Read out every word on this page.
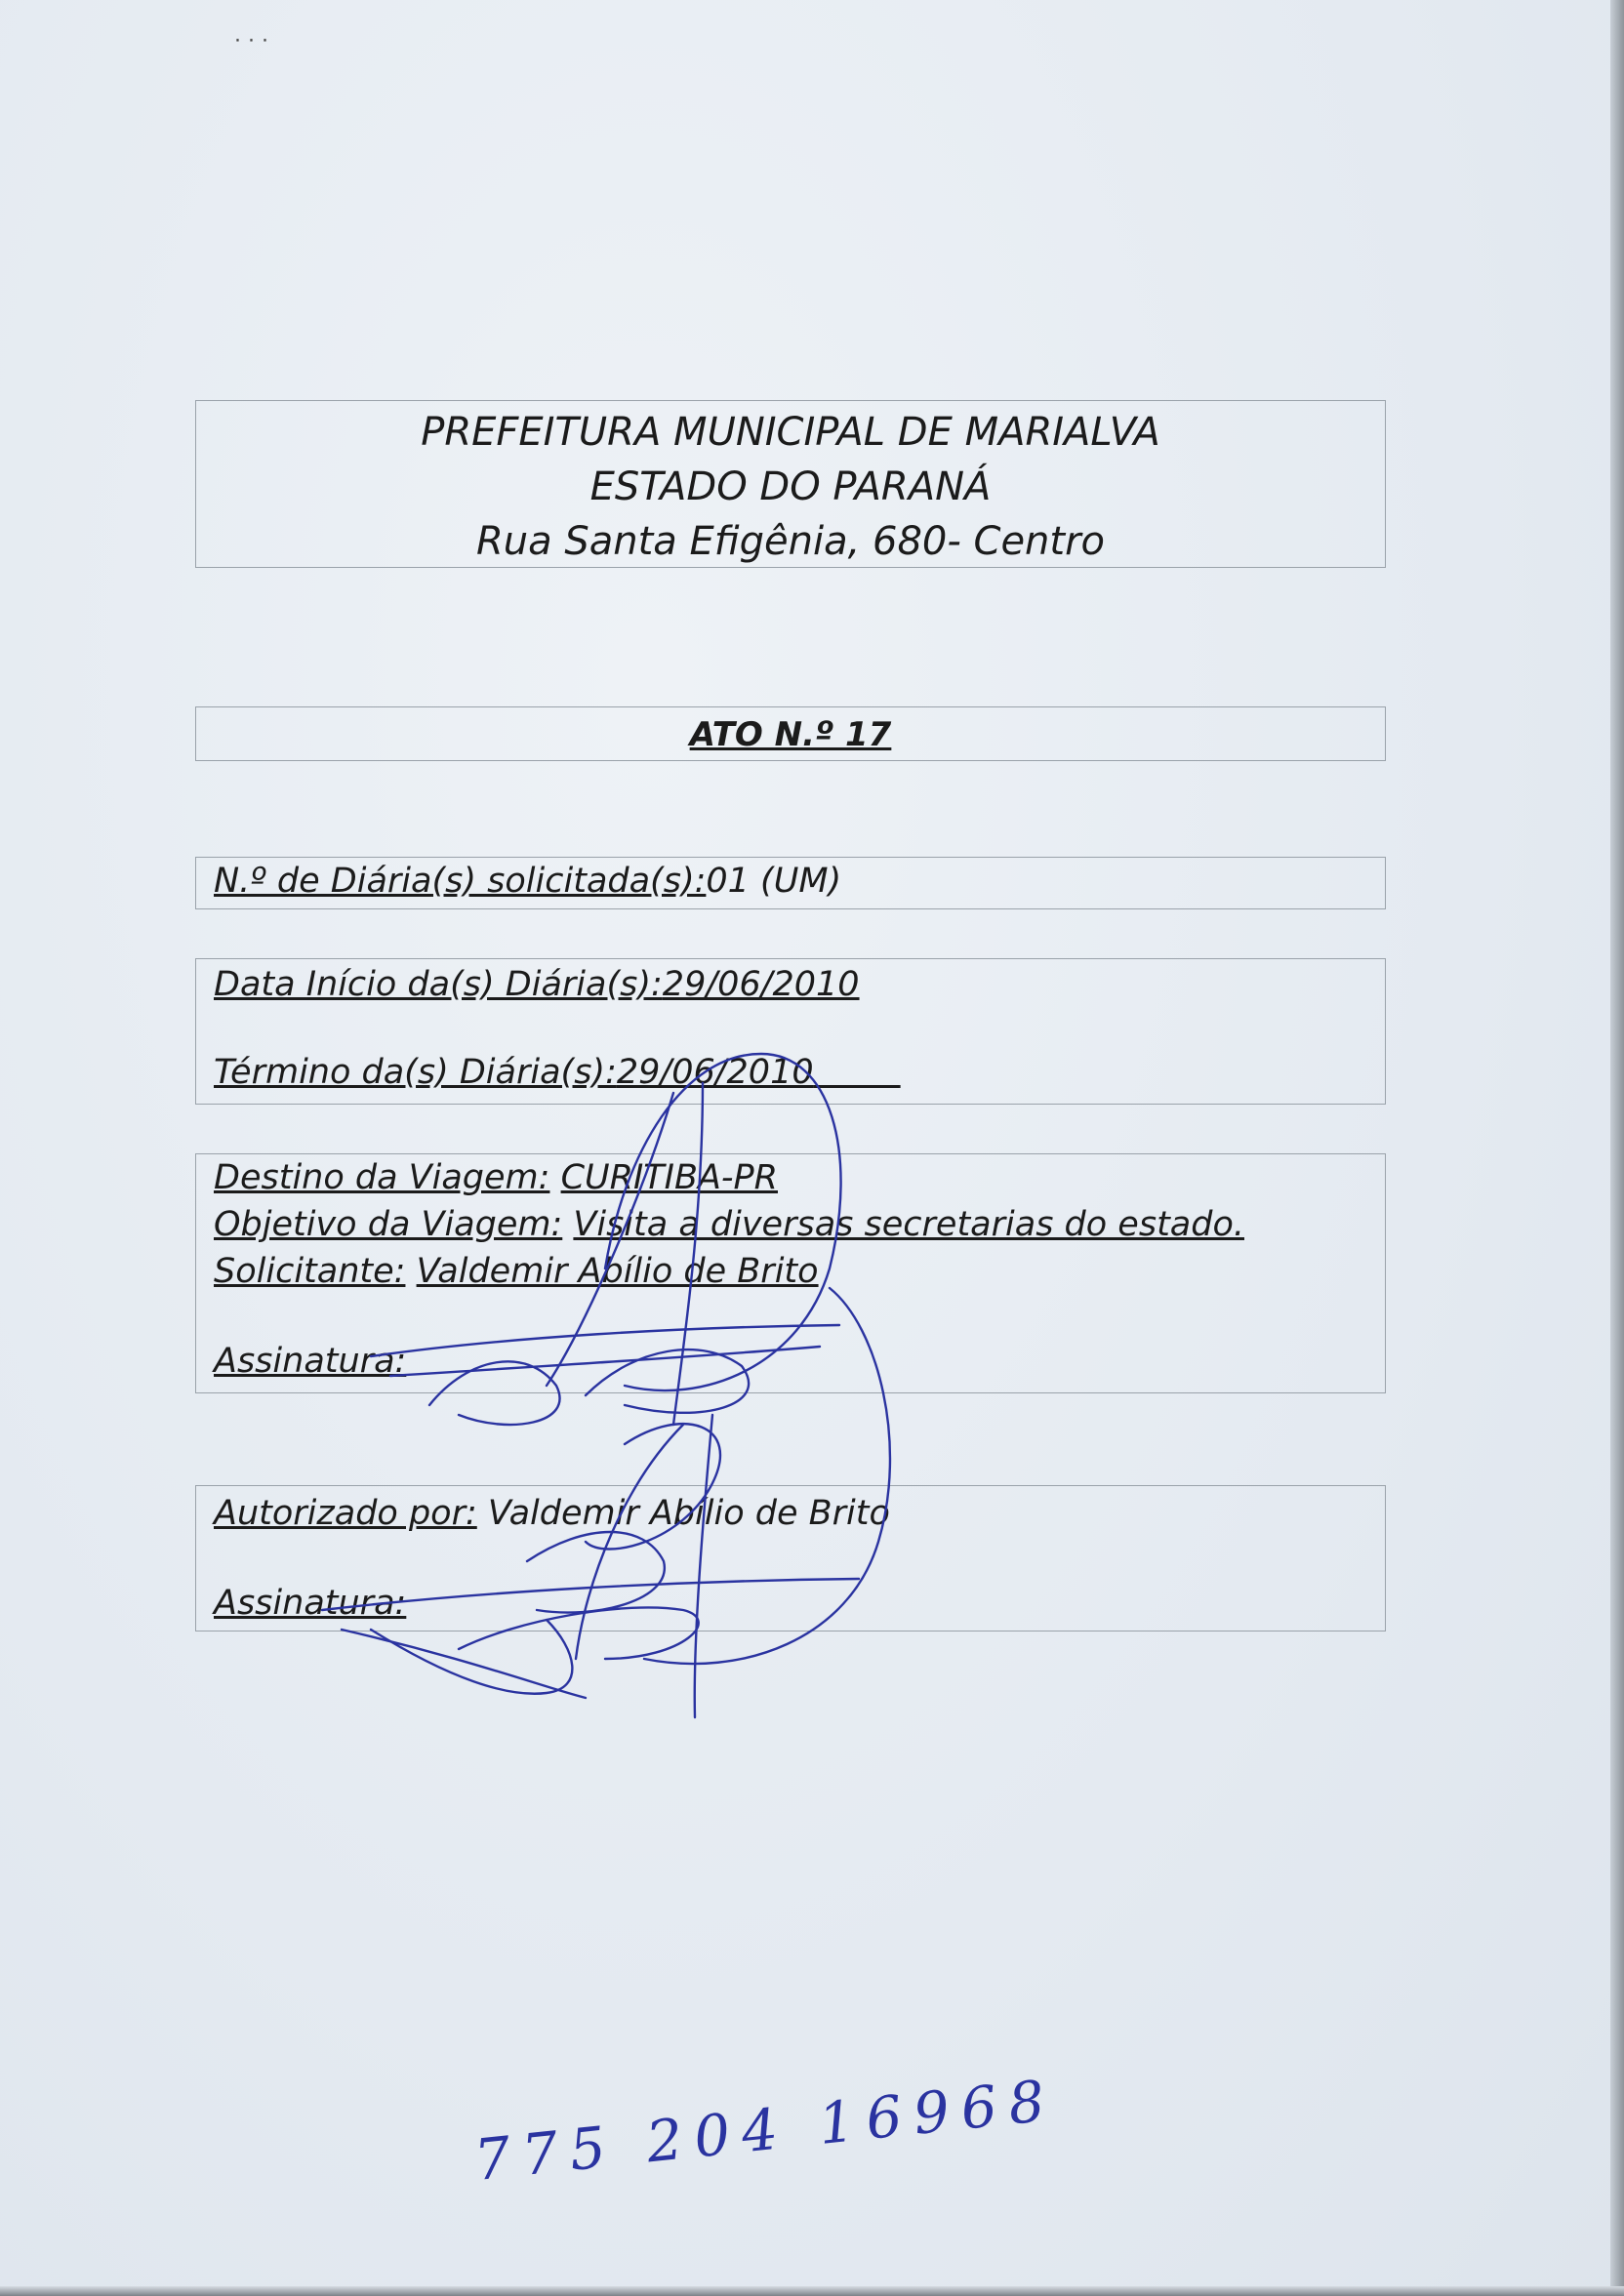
· · ·
PREFEITURA MUNICIPAL DE MARIALVA
ESTADO DO PARANÁ
Rua Santa Efigênia, 680- Centro
ATO N.º 17
N.º de Diária(s) solicitada(s):01 (UM)
Data Início da(s) Diária(s):29/06/2010
Término da(s) Diária(s):29/06/2010
Destino da Viagem: CURITIBA-PR
Objetivo da Viagem: Visita a diversas secretarias do estado.
Solicitante: Valdemir Abílio de Brito
Assinatura:
Autorizado por: Valdemir Abílio de Brito
Assinatura:
775 204 16968
